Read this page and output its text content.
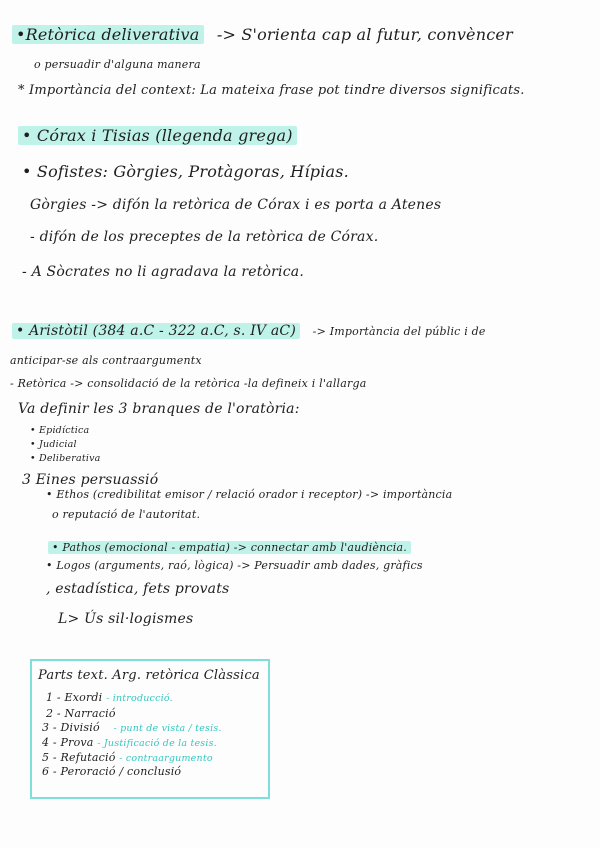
•Retòrica deliverativa -> S'orienta cap al futur, convèncer
o persuadir d'alguna manera
* Importància del context: La mateixa frase pot tindre diversos significats.
• Córax i Tisias (llegenda grega)
• Sofistes: Gòrgies, Protàgoras, Hípias.
Gòrgies -> difón la retòrica de Córax i es porta a Atenes
- difón de los preceptes de la retòrica de Córax.
- A Sòcrates no li agradava la retòrica.
• Aristòtil (384 a.C - 322 a.C, s. IV aC) -> Importància del públic i de
anticipar-se als contraargumentx
- Retòrica -> consolidació de la retòrica -la defineix i l'allarga
Va definir les 3 branques de l'oratòria:
• Epidíctica
• Judicial
• Deliberativa
3 Eines persuassió
• Ethos (credibilitat emisor / relació orador i receptor) -> importància
o reputació de l'autoritat.
• Pathos (emocional - empatia) -> connectar amb l'audiència.
• Logos (arguments, raó, lògica) -> Persuadir amb dades, gràfics
, estadística, fets provats
L> Ús sil·logismes
Parts text. Arg. retòrica Clàssica
1 - Exordi - introducció.
2 - Narració
3 - Divisió - punt de vista / tesis.
4 - Prova - Justificació de la tesis.
5 - Refutació - contraargumento
6 - Peroració / conclusió
